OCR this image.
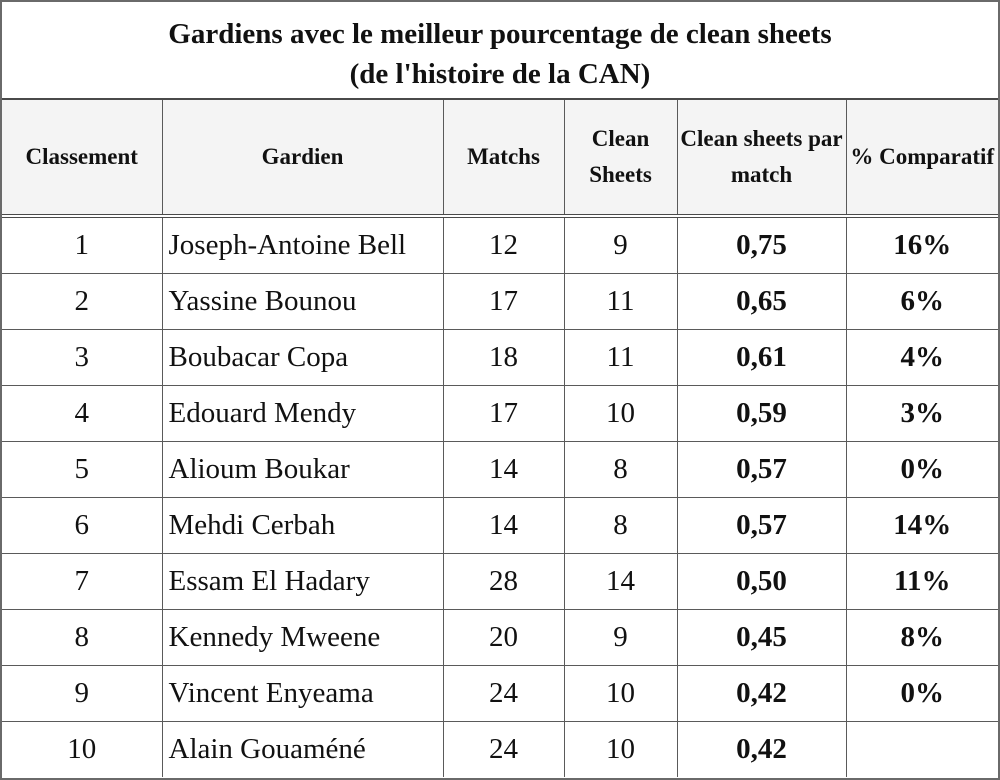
Gardiens avec le meilleur pourcentage de clean sheets
(de l'histoire de la CAN)
Classement	Gardien	Matchs	Clean Sheets	Clean sheets par match	% Comparatif
1	Joseph-Antoine Bell	12	9	0,75	16%
2	Yassine Bounou	17	11	0,65	6%
3	Boubacar Copa	18	11	0,61	4%
4	Edouard Mendy	17	10	0,59	3%
5	Alioum Boukar	14	8	0,57	0%
6	Mehdi Cerbah	14	8	0,57	14%
7	Essam El Hadary	28	14	0,50	11%
8	Kennedy Mweene	20	9	0,45	8%
9	Vincent Enyeama	24	10	0,42	0%
10	Alain Gouaméné	24	10	0,42	
